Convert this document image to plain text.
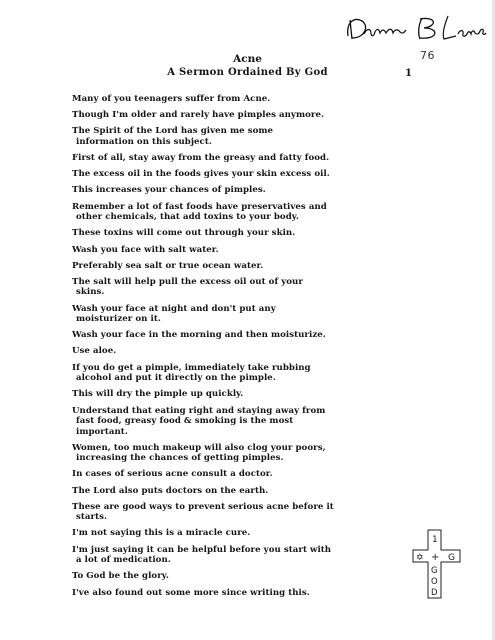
76
1
Acne
A Sermon Ordained By God
Many of you teenagers suffer from Acne.
Though I'm older and rarely have pimples anymore.
The Spirit of the Lord has given me some
information on this subject.
First of all, stay away from the greasy and fatty food.
The excess oil in the foods gives your skin excess oil.
This increases your chances of pimples.
Remember a lot of fast foods have preservatives and
other chemicals, that add toxins to your body.
These toxins will come out through your skin.
Wash you face with salt water.
Preferably sea salt or true ocean water.
The salt will help pull the excess oil out of your
skins.
Wash your face at night and don't put any
moisturizer on it.
Wash your face in the morning and then moisturize.
Use aloe.
If you do get a pimple, immediately take rubbing
alcohol and put it directly on the pimple.
This will dry the pimple up quickly.
Understand that eating right and staying away from
fast food, greasy food & smoking is the most
important.
Women, too much makeup will also clog your poors,
increasing the chances of getting pimples.
In cases of serious acne consult a doctor.
The Lord also puts doctors on the earth.
These are good ways to prevent serious acne before it
starts.
I'm not saying this is a miracle cure.
I'm just saying it can be helpful before you start with
a lot of medication.
To God be the glory.
I've also found out some more since writing this.
1
✡ + G
G
O
D
